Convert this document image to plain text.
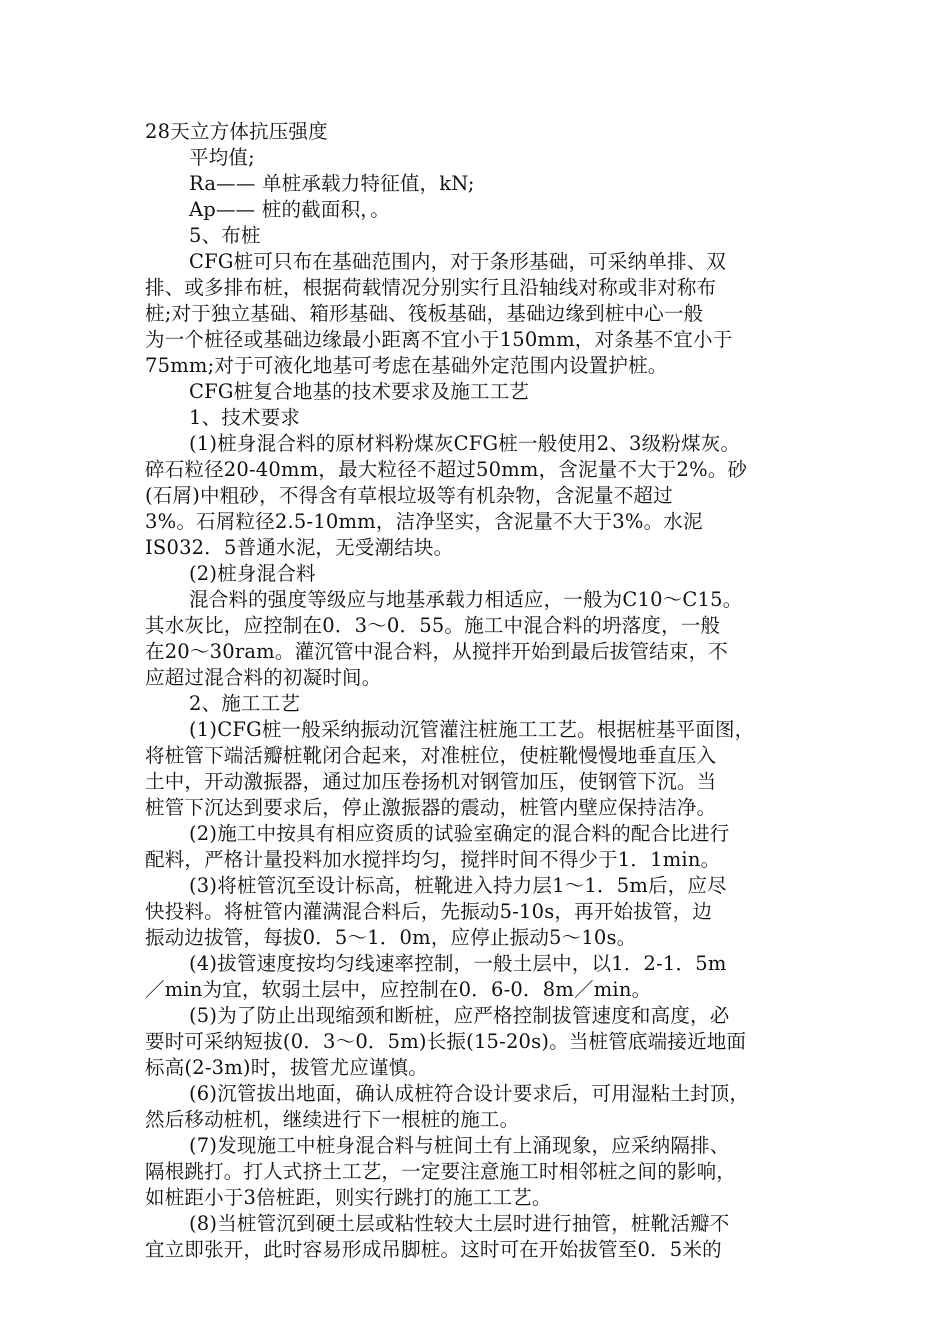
28天立方体抗压强度
平均值;
Ra—— 单桩承载力特征值，kN;
Ap—— 桩的截面积，。
5、布桩
CFG桩可只布在基础范围内，对于条形基础，可采纳单排、双
排、或多排布桩，根据荷载情况分别实行且沿轴线对称或非对称布
桩;对于独立基础、箱形基础、筏板基础，基础边缘到桩中心一般
为一个桩径或基础边缘最小距离不宜小于150mm，对条基不宜小于
75mm;对于可液化地基可考虑在基础外定范围内设置护桩。
CFG桩复合地基的技术要求及施工工艺
1、技术要求
(1)桩身混合料的原材料粉煤灰CFG桩一般使用2、3级粉煤灰。
碎石粒径20-40mm，最大粒径不超过50mm，含泥量不大于2%。砂
(石屑)中粗砂，不得含有草根垃圾等有机杂物，含泥量不超过
3%。石屑粒径2.5-10mm，洁净坚实，含泥量不大于3%。水泥
IS032．5普通水泥，无受潮结块。
(2)桩身混合料
混合料的强度等级应与地基承载力相适应，一般为C10～C15。
其水灰比，应控制在0．3～0．55。施工中混合料的坍落度，一般
在20～30ram。灌沉管中混合料，从搅拌开始到最后拔管结束，不
应超过混合料的初凝时间。
2、施工工艺
(1)CFG桩一般采纳振动沉管灌注桩施工工艺。根据桩基平面图，
将桩管下端活瓣桩靴闭合起来，对准桩位，使桩靴慢慢地垂直压入
土中，开动激振器，通过加压卷扬机对钢管加压，使钢管下沉。当
桩管下沉达到要求后，停止激振器的震动，桩管内壁应保持洁净。
(2)施工中按具有相应资质的试验室确定的混合料的配合比进行
配料，严格计量投料加水搅拌均匀，搅拌时间不得少于1．1min。
(3)将桩管沉至设计标高，桩靴进入持力层1～1．5m后，应尽
快投料。将桩管内灌满混合料后，先振动5-10s，再开始拔管，边
振动边拔管，每拔0．5～1．0m，应停止振动5～10s。
(4)拔管速度按均匀线速率控制，一般土层中，以1．2-1．5m
／min为宜，软弱土层中，应控制在0．6-0．8m／min。
(5)为了防止出现缩颈和断桩，应严格控制拔管速度和高度，必
要时可采纳短拔(0．3～0．5m)长振(15-20s)。当桩管底端接近地面
标高(2-3m)时，拔管尤应谨慎。
(6)沉管拔出地面，确认成桩符合设计要求后，可用湿粘土封顶，
然后移动桩机，继续进行下一根桩的施工。
(7)发现施工中桩身混合料与桩间土有上涌现象，应采纳隔排、
隔根跳打。打人式挤土工艺，一定要注意施工时相邻桩之间的影响，
如桩距小于3倍桩距，则实行跳打的施工工艺。
(8)当桩管沉到硬土层或粘性较大土层时进行抽管，桩靴活瓣不
宜立即张开，此时容易形成吊脚桩。这时可在开始拔管至0．5米的
